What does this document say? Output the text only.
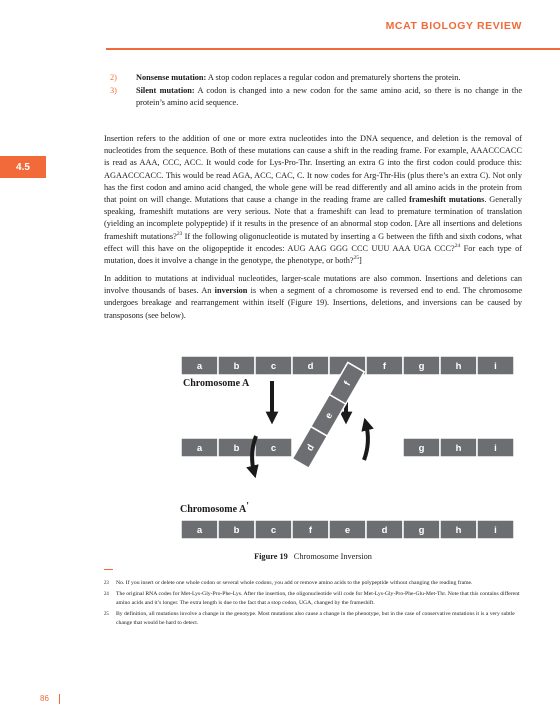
MCAT BIOLOGY REVIEW
4.5
2)	Nonsense mutation: A stop codon replaces a regular codon and prematurely shortens the protein.
3)	Silent mutation: A codon is changed into a new codon for the same amino acid, so there is no change in the protein’s amino acid sequence.

Insertion refers to the addition of one or more extra nucleotides into the DNA sequence, and deletion is the removal of nucleotides from the sequence. Both of these mutations can cause a shift in the reading frame. For example, AAACCCACC is read as AAA, CCC, ACC. It would code for Lys-Pro-Thr. Inserting an extra G into the first codon could produce this: AGAACCCACC. This would be read AGA, ACC, CAC, C. It now codes for Arg-Thr-His (plus there’s an extra C). Not only has the first codon and amino acid changed, the whole gene will be read differently and all amino acids in the protein from that point on will change. Mutations that cause a change in the reading frame are called frameshift mutations. Generally speaking, frameshift mutations are very serious. Note that a frameshift can lead to premature termination of translation (yielding an incomplete polypeptide) if it results in the presence of an abnormal stop codon. [Are all insertions and deletions frameshift mutations?$^{23}$ If the following oligonucleotide is mutated by inserting a G between the fifth and sixth codons, what effect will this have on the oligopeptide it encodes: AUG AAG GGG CCC UUU AAA UGA CCC?$^{24}$ For each type of mutation, does it involve a change in the genotype, the phenotype, or both?$^{25}$]

In addition to mutations at individual nucleotides, larger-scale mutations are also common. Insertions and deletions can involve thousands of bases. An inversion is when a segment of a chromosome is reversed end to end. The chromosome undergoes breakage and rearrangement within itself (Figure 19). Insertions, deletions, and inversions can be caused by transposons (see below).

a	b	c	d	f	g	h	i
Chromosome A
a	b	c	g	h	i
d
e
f
Chromosome A'
a	b	c	f	e	d	g	h	i
Figure 19 Chromosome Inversion
23	No. If you insert or delete one whole codon or several whole codons, you add or remove amino acids to the polypeptide without changing the reading frame.
24	The original RNA codes for Met-Lys-Gly-Pro-Phe-Lys. After the insertion, the oligonucleotide will code for Met-Lys-Gly-Pro-Phe-Glu-Met-Thr. Note that this contains different amino acids and it’s longer. The extra length is due to the fact that a stop codon, UGA, changed by the frameshift.
25	By definition, all mutations involve a change in the genotype. Most mutations also cause a change in the phenotype, but in the case of conservative mutations it is a very subtle change that would be hard to detect.
86
